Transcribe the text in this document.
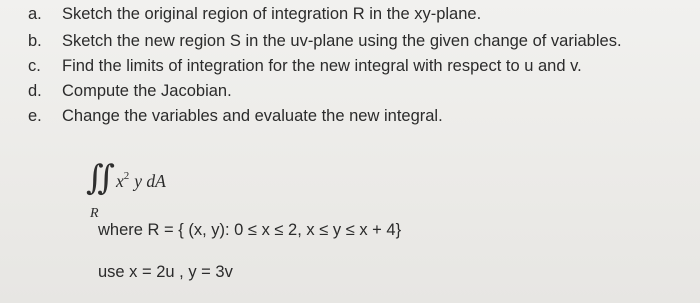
a.	Sketch the original region of integration R in the xy-plane.
b.	Sketch the new region S in the uv-plane using the given change of variables.
c.	Find the limits of integration for the new integral with respect to u and v.
d.	Compute the Jacobian.
e.	Change the variables and evaluate the new integral.
∬ $x^2$ y dA
R
where R = { (x, y): 0 ≤ x ≤ 2, x ≤ y ≤ x + 4}
use x = 2u , y = 3v
